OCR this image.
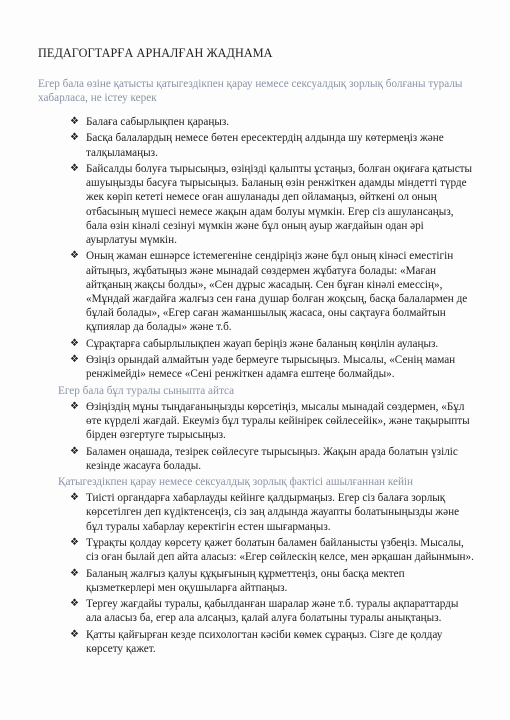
ПЕДАГОГТАРҒА АРНАЛҒАН ЖАДНАМА
Егер бала өзіне қатысты қатыгездікпен қарау немесе сексуалдық зорлық болғаны туралы хабарласа, не істеу керек
❖ Балаға сабырлықпен қараңыз.
❖ Басқа балалардың немесе бөтен ересектердің алдында шу көтермеңіз және талқыламаңыз.
❖ Байсалды болуға тырысыңыз, өзіңізді қалыпты ұстаңыз, болған оқиғаға қатысты ашуыңызды басуға тырысыңыз. Баланың өзін ренжіткен адамды міндетті түрде жек көріп кететі немесе оған ашуланады деп ойламаңыз, өйткені ол оның отбасының мүшесі немесе жақын адам болуы мүмкін. Егер сіз ашуланcаңыз, бала өзін кінәлі сезінуі мүмкін және бұл оның ауыр жағдайын одан әрі ауырлатуы мүмкін.
❖ Оның жаман ешнәрсе істемегеніне сендіріңіз және бұл оның кінәсі еместігін айтыңыз, жұбатыңыз және мынадай сөздермен жұбатуға болады: «Маған айтқаның жақсы болды», «Сен дұрыс жасадың. Сен бұған кінәлі емессің», «Мұндай жағдайға жалғыз сен ғана душар болған жоқсың, басқа балалармен де бұлай болады», «Егер саған жаманшылық жасаса, оны сақтауға болмайтын құпиялар да болады» және т.б.
❖ Сұрақтарға сабырлылықпен жауап беріңіз және баланың көңілін аулаңыз.
❖ Өзіңіз орындай алмайтын уәде бермеуге тырысыңыз. Мысалы, «Сенің маман ренжімейді» немесе «Сені ренжіткен адамға ештеңе болмайды».
Егер бала бұл туралы сыныпта айтса
❖ Өзіңіздің мұны тыңдағаныңызды көрсетіңіз, мысалы мынадай сөздермен, «Бұл өте күрделі жағдай. Екеуміз бұл туралы кейінірек сөйлесейік», және тақырыпты бірден өзгертуге тырысыңыз.
❖ Баламен оңашада, тезірек сөйлесуге тырысыңыз. Жақын арада болатын үзіліс кезінде жасауға болады.
Қатыгездікпен қарау немесе сексуалдық зорлық фактісі ашылғаннан кейін
❖ Тиісті органдарға хабарлауды кейінге қалдырмаңыз. Егер сіз балаға зорлық көрсетілген деп күдіктенсеңіз, сіз заң алдында жауапты болатыныңызды және бұл туралы хабарлау керектігін естен шығармаңыз.
❖ Тұрақты қолдау көрсету қажет болатын баламен байланысты үзбеңіз. Мысалы, сіз оған былай деп айта аласыз: «Егер сөйлескің келсе, мен әрқашан дайынмын».
❖ Баланың жалғыз қалуы құқығының құрметтеңіз, оны басқа мектеп қызметкерлері мен оқушыларға айтпаңыз.
❖ Тергеу жағдайы туралы, қабылданған шаралар және т.б. туралы ақпараттарды ала аласыз ба, егер ала алсаңыз, қалай алуға болатыны туралы анықтаңыз.
❖ Қатты қайғырған кезде психологтан кәсіби көмек сұраңыз. Сізге де қолдау көрсету қажет.
